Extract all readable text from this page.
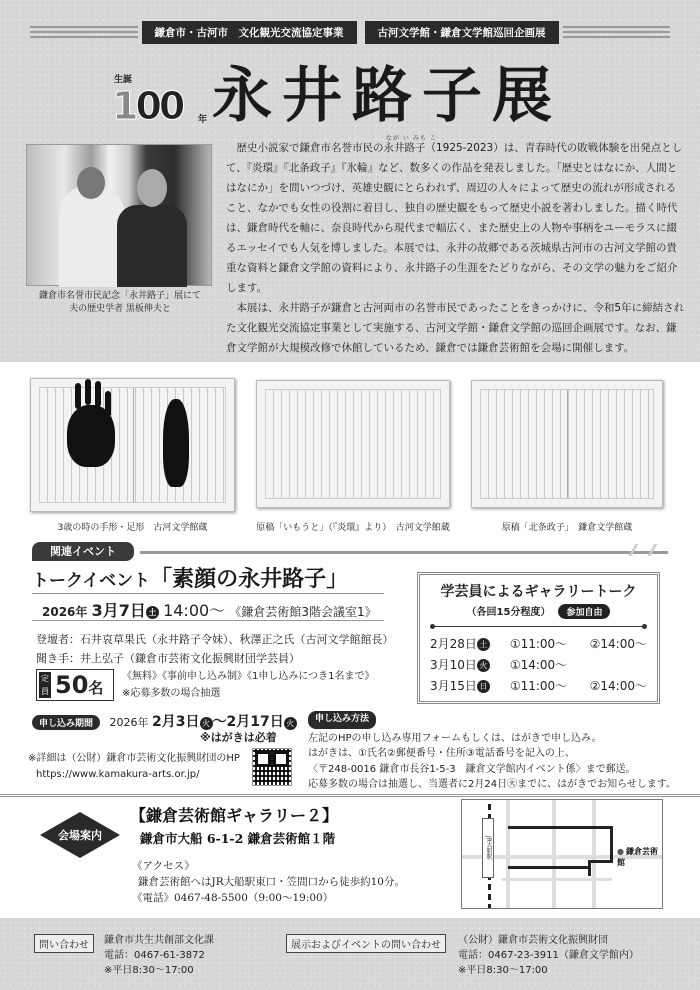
鎌倉市・古河市　文化観光交流協定事業	古河文学館・鎌倉文学館巡回企画展
生誕
100 年 永井路子展
鎌倉市名誉市民記念「永井路子」展にて
夫の歴史学者 黒板伸夫と
なが い みち こ

歴史小説家で鎌倉市名誉市民の永井路子（1925-2023）は、青春時代の敗戦体験を出発点として、『炎環』『北条政子』『氷輪』など、数多くの作品を発表しました。「歴史とはなにか、人間とはなにか」を問いつづけ、英雄史観にとらわれず、周辺の人々によって歴史の流れが形成されること、なかでも女性の役割に着目し、独自の歴史観をもって歴史小説を著わしました。描く時代は、鎌倉時代を軸に、奈良時代から現代まで幅広く、また歴史上の人物や事柄をユーモラスに綴るエッセイでも人気を博しました。本展では、永井の故郷である茨城県古河市の古河文学館の貴重な資料と鎌倉文学館の資料により、永井路子の生涯をたどりながら、その文学の魅力をご紹介します。

本展は、永井路子が鎌倉と古河両市の名誉市民であったことをきっかけに、令和5年に締結された文化観光交流協定事業として実施する、古河文学館・鎌倉文学館の巡回企画展です。なお、鎌倉文学館が大規模改修で休館しているため、鎌倉では鎌倉芸術館を会場に開催します。

3歳の時の手形・足形　古河文学館蔵	原稿「いもうと」（『炎環』より）　古河文学館蔵	原稿「北条政子」　鎌倉文学館蔵
関連イベント
トークイベント「素顔の永井路子」
2026年 3月7日 土 14:00〜 《鎌倉芸術館3階会議室1》
登壇者：石井哀草果氏（永井路子令妹）、秋澤正之氏（古河文学館館長）
聞き手：井上弘子（鎌倉市芸術文化振興財団学芸員）
定員 50名
《無料》《事前申し込み制》《1申し込みにつき1名まで》
※応募多数の場合抽選
申し込み期間 2026年 2月3日 火 〜2月17日 火
※はがきは必着
※詳細は（公財）鎌倉市芸術文化振興財団のHP
https://www.kamakura-arts.or.jp/
学芸員によるギャラリートーク
（各回15分程度） 参加自由
2月28日 土 ①11:00〜 ②14:00〜
3月10日 火 ①14:00〜
3月15日 日 ①11:00〜 ②14:00〜
申し込み方法
左記のHPの申し込み専用フォームもしくは、はがきで申し込み。
はがきは、①氏名②郵便番号・住所③電話番号を記入の上、
〈〒248-0016 鎌倉市長谷1-5-3　鎌倉文学館内イベント係〉まで郵送。
応募多数の場合は抽選し、当選者に2月24日㊋までに、はがきでお知らせします。
会場案内
【鎌倉芸術館ギャラリー２】
鎌倉市大船 6-1-2 鎌倉芸術館１階
《アクセス》
鎌倉芸術館へはJR大船駅東口・笠間口から徒歩約10分。
《電話》0467-48-5500（9:00〜19:00）
JR大船駅	● 鎌倉芸術館
問い合わせ	鎌倉市共生共創部文化課
電話：0467-61-3872
※平日8:30〜17:00
展示およびイベントの問い合わせ	（公財）鎌倉市芸術文化振興財団
電話：0467-23-3911（鎌倉文学館内）
※平日8:30〜17:00
